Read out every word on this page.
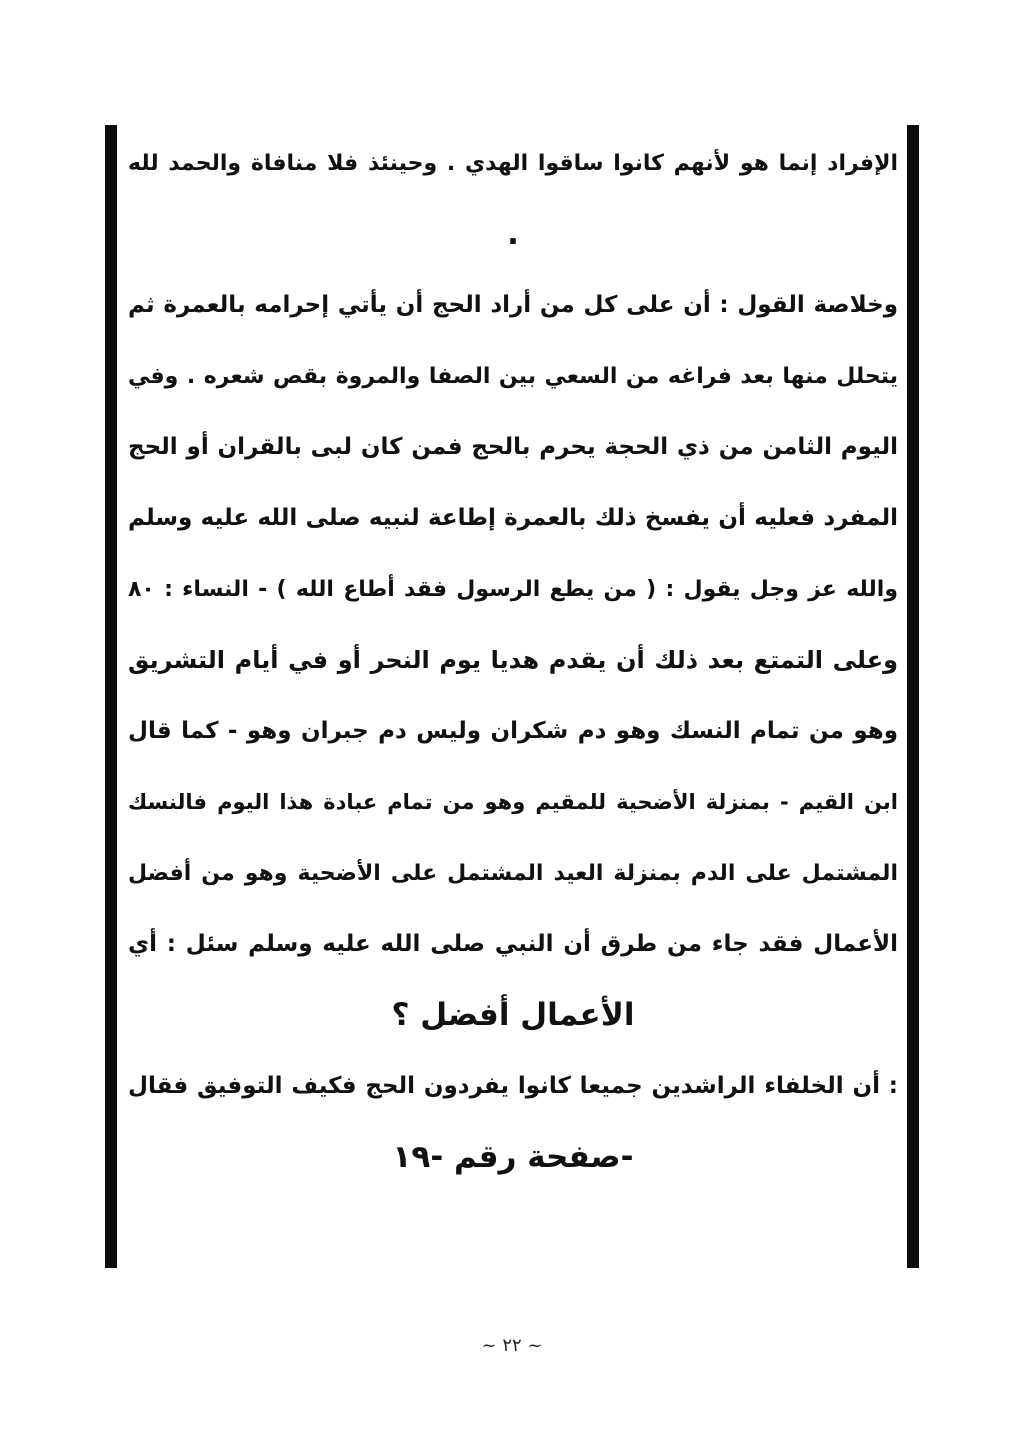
الإفراد إنما هو لأنهم كانوا ساقوا الهدي . وحينئذ فلا منافاة والحمد لله
.
وخلاصة القول : أن على كل من أراد الحج أن يأتي إحرامه بالعمرة ثم
يتحلل منها بعد فراغه من السعي بين الصفا والمروة بقص شعره . وفي
اليوم الثامن من ذي الحجة يحرم بالحج فمن كان لبى بالقران أو الحج
المفرد فعليه أن يفسخ ذلك بالعمرة إطاعة لنبيه صلى الله عليه وسلم
والله عز وجل يقول : ( من يطع الرسول فقد أطاع الله ) - النساء : ٨٠
وعلى التمتع بعد ذلك أن يقدم هديا يوم النحر أو في أيام التشريق
وهو من تمام النسك وهو دم شكران وليس دم جبران وهو - كما قال
ابن القيم - بمنزلة الأضحية للمقيم وهو من تمام عبادة هذا اليوم فالنسك
المشتمل على الدم بمنزلة العيد المشتمل على الأضحية وهو من أفضل
الأعمال فقد جاء من طرق أن النبي صلى الله عليه وسلم سئل : أي
الأعمال أفضل ؟
: أن الخلفاء الراشدين جميعا كانوا يفردون الحج فكيف التوفيق فقال
-صفحة رقم -١٩
~ ٢٢ ~
